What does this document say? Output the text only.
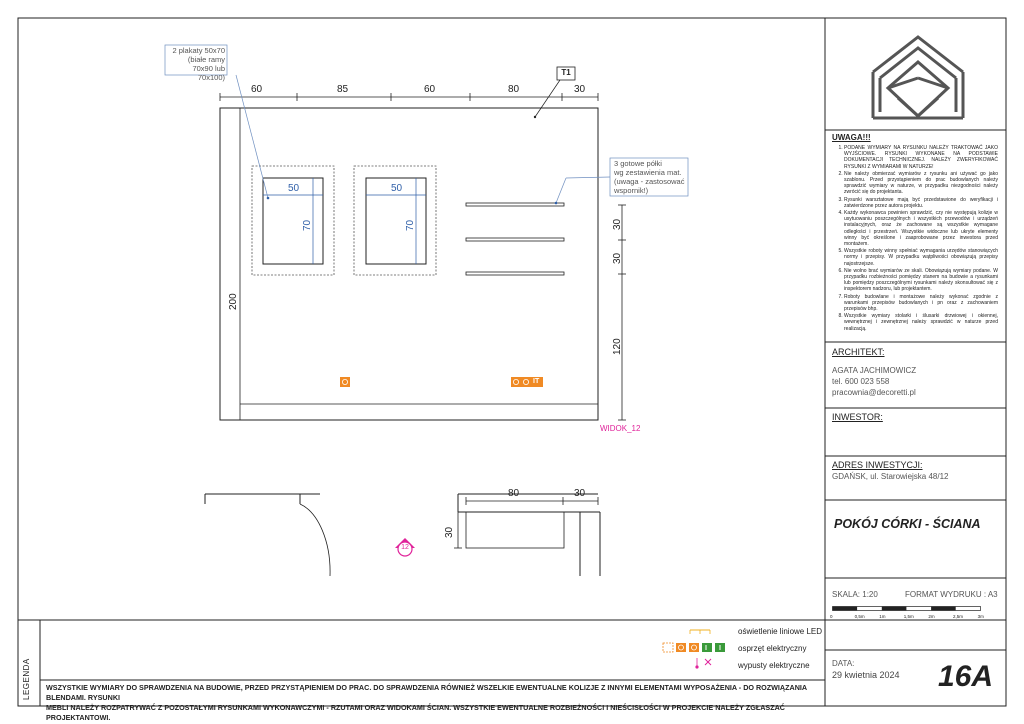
UWAGA!!!
1. PODANE WYMIARY NA RYSUNKU NALEŻY TRAKTOWAĆ JAKO WYJŚCIOWE. RYSUNKI WYKONANE NA PODSTAWIE DOKUMENTACJI TECHNICZNEJ. NALEŻY ZWERYFIKOWAĆ RYSUNKI Z WYMIARAMI W NATURZE!
2. Nie należy obmierzać wymiarów z rysunku ani używać go jako szablonu. Przed przystąpieniem do prac budowlanych należy sprawdzić wymiary w naturze, w przypadku niezgodności należy zwrócić się do projektanta.
3. Rysunki warsztatowe mają być przedstawione do weryfikacji i zatwierdzone przez autora projektu.
4. Każdy wykonawca powinien sprawdzić, czy nie występują kolizje w usytuowaniu poszczególnych i wszystkich przewodów i urządzeń instalacyjnych, oraz że zachowane są wszystkie wymagane odległości i przestrzeń. Wszystkie widoczne lub ukryte elementy winny być określone i zaaprobowane przez inwestora przed montażem.
5. Wszystkie roboty winny spełniać wymagania urzędów stanowiących normy i przepisy. W przypadku wątpliwości obowiązują przepisy najostrzejsze.
6. Nie wolno brać wymiarów ze skali. Obowiązują wymiary podane. W przypadku rozbieżności pomiędzy stanem na budowie a rysunkami lub pomiędzy poszczególnymi rysunkami należy skonsultować się z inspektorem nadzoru, lub projektantem.
7. Roboty budowlane i montażowe należy wykonać zgodnie z warunkami przepisów budowlanych i pn oraz z zachowaniem przepisów bhp.
8. Wszystkie wymiary stolarki i ślusarki drzwiowej i okiennej, wewnętrznej i zewnętrznej należy sprawdzić w naturze przed realizacją.
ARCHITEKT:
AGATA JACHIMOWICZ
tel. 600 023 558
pracownia@decoretti.pl
INWESTOR:
ADRES INWESTYCJI:
GDAŃSK, ul. Starowiejska 48/12
POKÓJ CÓRKI - ŚCIANA
SKALA: 1:20	FORMAT WYDRUKU : A3
0	0,5m	1m	1,5m	2m	2,5m	3m
DATA:
29 kwietnia 2024 16A
LEGENDA
oświetlenie liniowe LED
osprzęt elektryczny
wypusty elektryczne
WSZYSTKIE WYMIARY DO SPRAWDZENIA NA BUDOWIE, PRZED PRZYSTĄPIENIEM DO PRAC. DO SPRAWDZENIA RÓWNIEŻ WSZELKIE EWENTUALNE KOLIZJE Z INNYMI ELEMENTAMI WYPOSAŻENIA - DO ROZWIĄZANIA BLENDAMI. RYSUNKI
MEBLI NALEŻY ROZPATRYWAĆ Z POZOSTAŁYMI RYSUNKAMI WYKONAWCZYMI - RZUTAMI ORAZ WIDOKAMI ŚCIAN. WSZYSTKIE EWENTUALNE ROZBIEŻNOŚCI I NIEŚCISŁOŚCI W PROJEKCIE NALEŻY ZGŁASZAĆ PROJEKTANTOWI.
60	85	60	80	30
T1
200
30
30
120
50	50
70	70
2 plakaty 50x70
(białe ramy
70x90 lub 70x100)
3 gotowe półki
wg zestawienia mat.
(uwaga - zastosować
wspornik!)
IT
WIDOK_12
80	30
30
12
